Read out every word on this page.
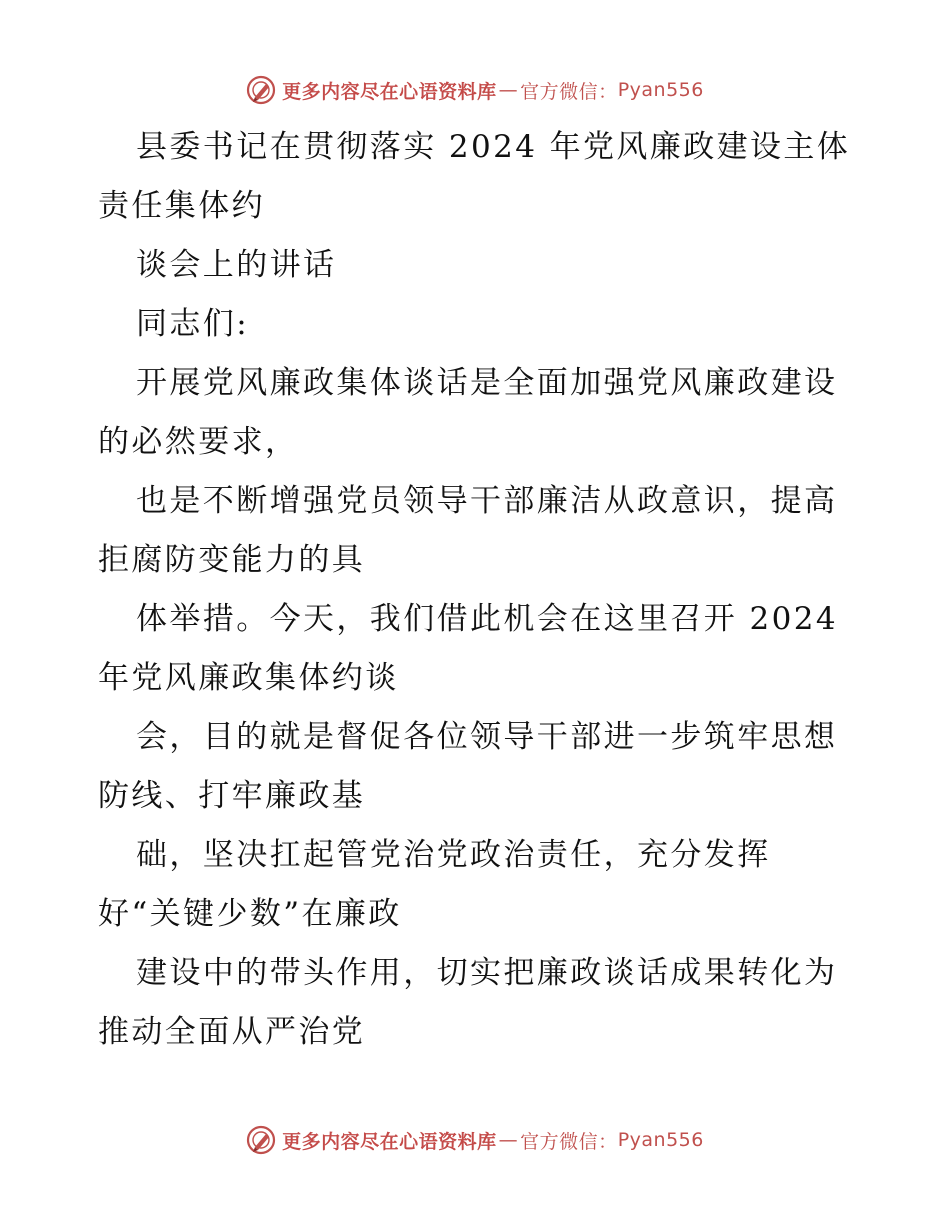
更多内容尽在心语资料库 — 官方微信： Pyan556
县委书记在贯彻落实 2024 年党风廉政建设主体
责任集体约
谈会上的讲话
同志们:
开展党风廉政集体谈话是全面加强党风廉政建设
的必然要求，
也是不断增强党员领导干部廉洁从政意识，提高
拒腐防变能力的具
体举措。今天，我们借此机会在这里召开 2024
年党风廉政集体约谈
会，目的就是督促各位领导干部进一步筑牢思想
防线、打牢廉政基
础，坚决扛起管党治党政治责任，充分发挥
好“关键少数”在廉政
建设中的带头作用，切实把廉政谈话成果转化为
推动全面从严治党
更多内容尽在心语资料库 — 官方微信： Pyan556
